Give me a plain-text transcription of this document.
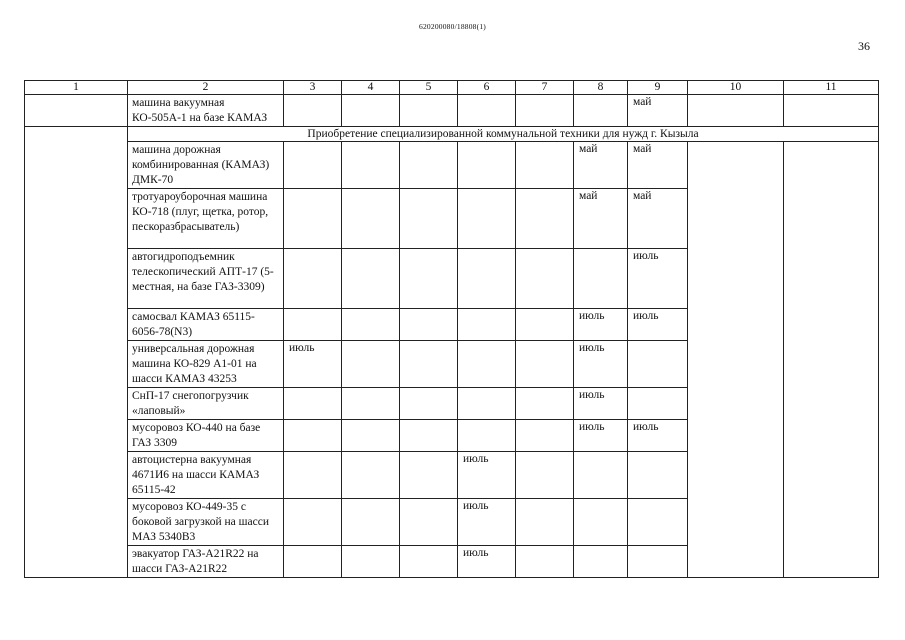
620200080/18808(1)
36
1	2	3	4	5	6	7	8	9	10	11
	машина вакуумная КО-505А-1 на базе КАМАЗ							май		
	Приобретение специализированной коммунальной техники для нужд г. Кызыла									
	машина дорожная комбинированная (КАМАЗ) ДМК-70						май	май		
	тротуароуборочная машина КО-718 (плуг, щетка, ротор, пескоразбрасыватель)						май	май		
	автогидроподъемник телескопический АПТ-17 (5-местная, на базе ГАЗ-3309)							июль		
	самосвал КАМАЗ 65115-6056-78(N3)						июль	июль		
	универсальная дорожная машина КО-829 А1-01 на шасси КАМАЗ 43253	июль					июль			
	СнП-17 снегопогрузчик «лаповый»						июль			
	мусоровоз КО-440 на базе ГАЗ 3309						июль	июль		
	автоцистерна вакуумная 4671И6 на шасси КАМАЗ 65115-42				июль					
	мусоровоз КО-449-35 с боковой загрузкой на шасси МАЗ 5340В3				июль					
	эвакуатор ГАЗ-А21R22 на шасси ГАЗ-А21R22				июль					
